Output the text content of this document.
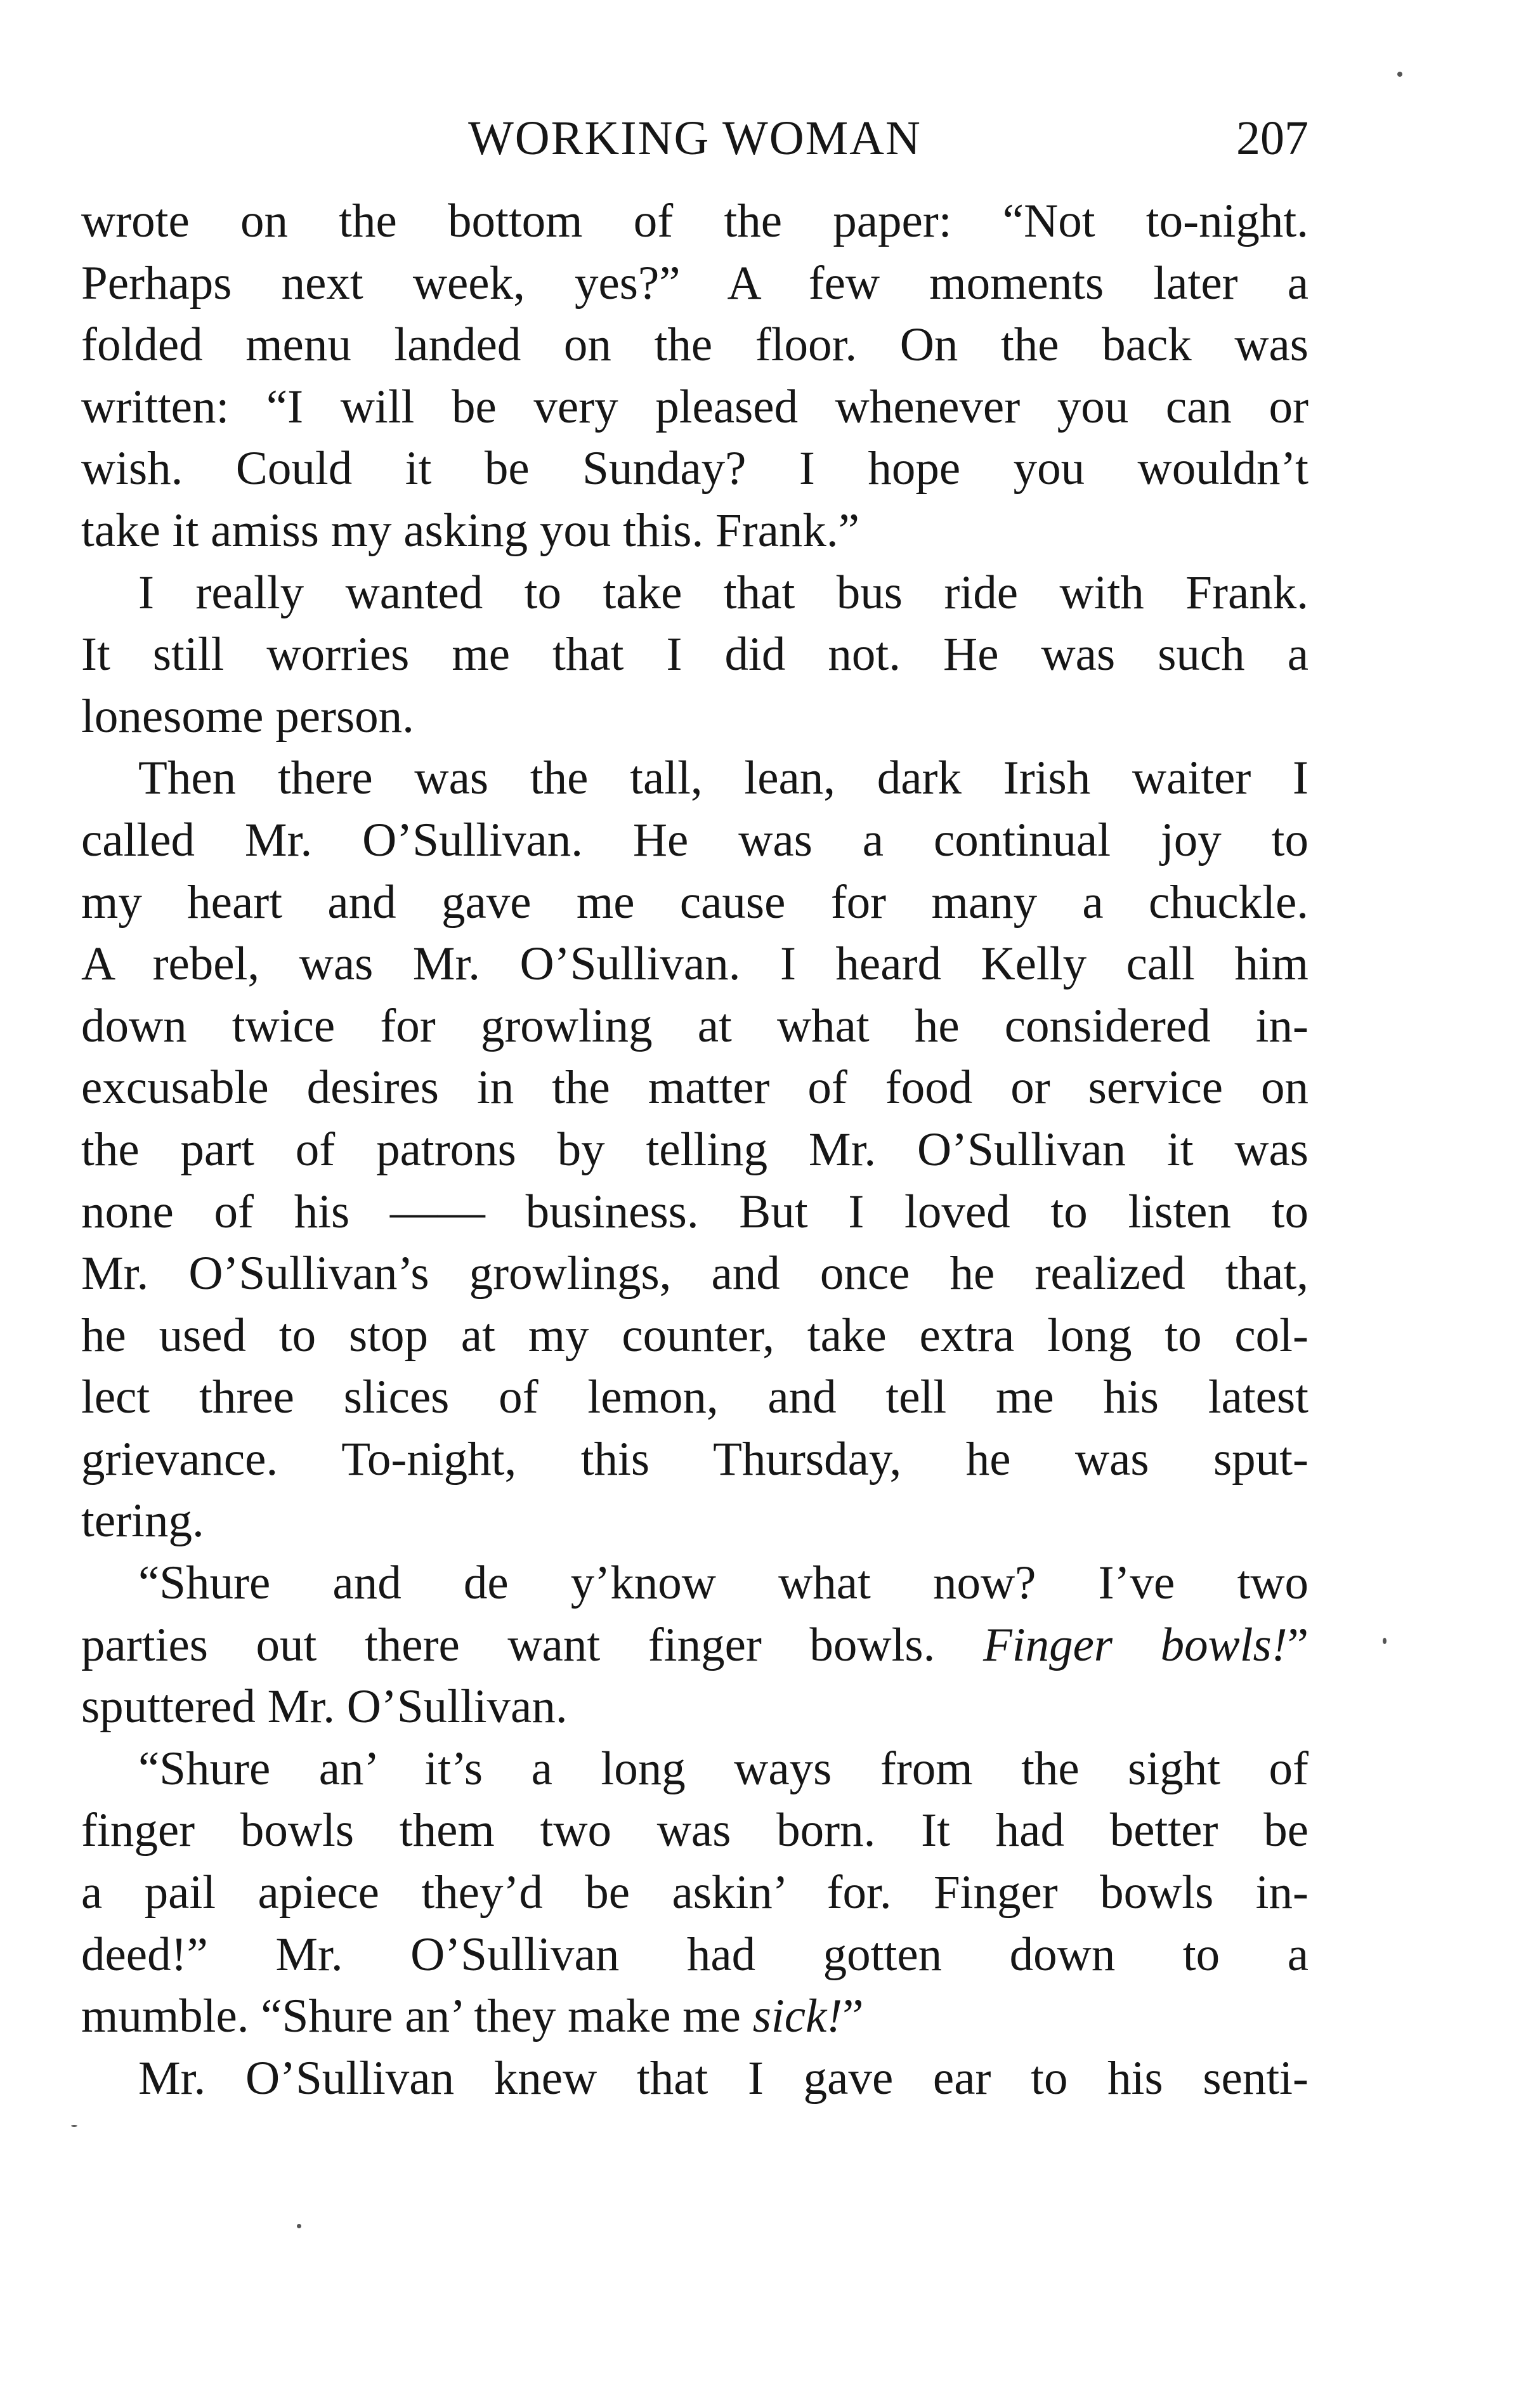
WORKING WOMAN	207
wrote on the bottom of the paper: “Not to-night.
Perhaps next week, yes?” A few moments later a
folded menu landed on the floor. On the back was
written: “I will be very pleased whenever you can or
wish. Could it be Sunday? I hope you wouldn’t
take it amiss my asking you this. Frank.”
I really wanted to take that bus ride with Frank.
It still worries me that I did not. He was such a
lonesome person.
Then there was the tall, lean, dark Irish waiter I
called Mr. O’Sullivan. He was a continual joy to
my heart and gave me cause for many a chuckle.
A rebel, was Mr. O’Sullivan. I heard Kelly call him
down twice for growling at what he considered in-
excusable desires in the matter of food or service on
the part of patrons by telling Mr. O’Sullivan it was
none of his —— business. But I loved to listen to
Mr. O’Sullivan’s growlings, and once he realized that,
he used to stop at my counter, take extra long to col-
lect three slices of lemon, and tell me his latest
grievance. To-night, this Thursday, he was sput-
tering.
“Shure and de y’know what now? I’ve two
parties out there want finger bowls. Finger bowls!”
sputtered Mr. O’Sullivan.
“Shure an’ it’s a long ways from the sight of
finger bowls them two was born. It had better be
a pail apiece they’d be askin’ for. Finger bowls in-
deed!” Mr. O’Sullivan had gotten down to a
mumble. “Shure an’ they make me sick!”
Mr. O’Sullivan knew that I gave ear to his senti-
